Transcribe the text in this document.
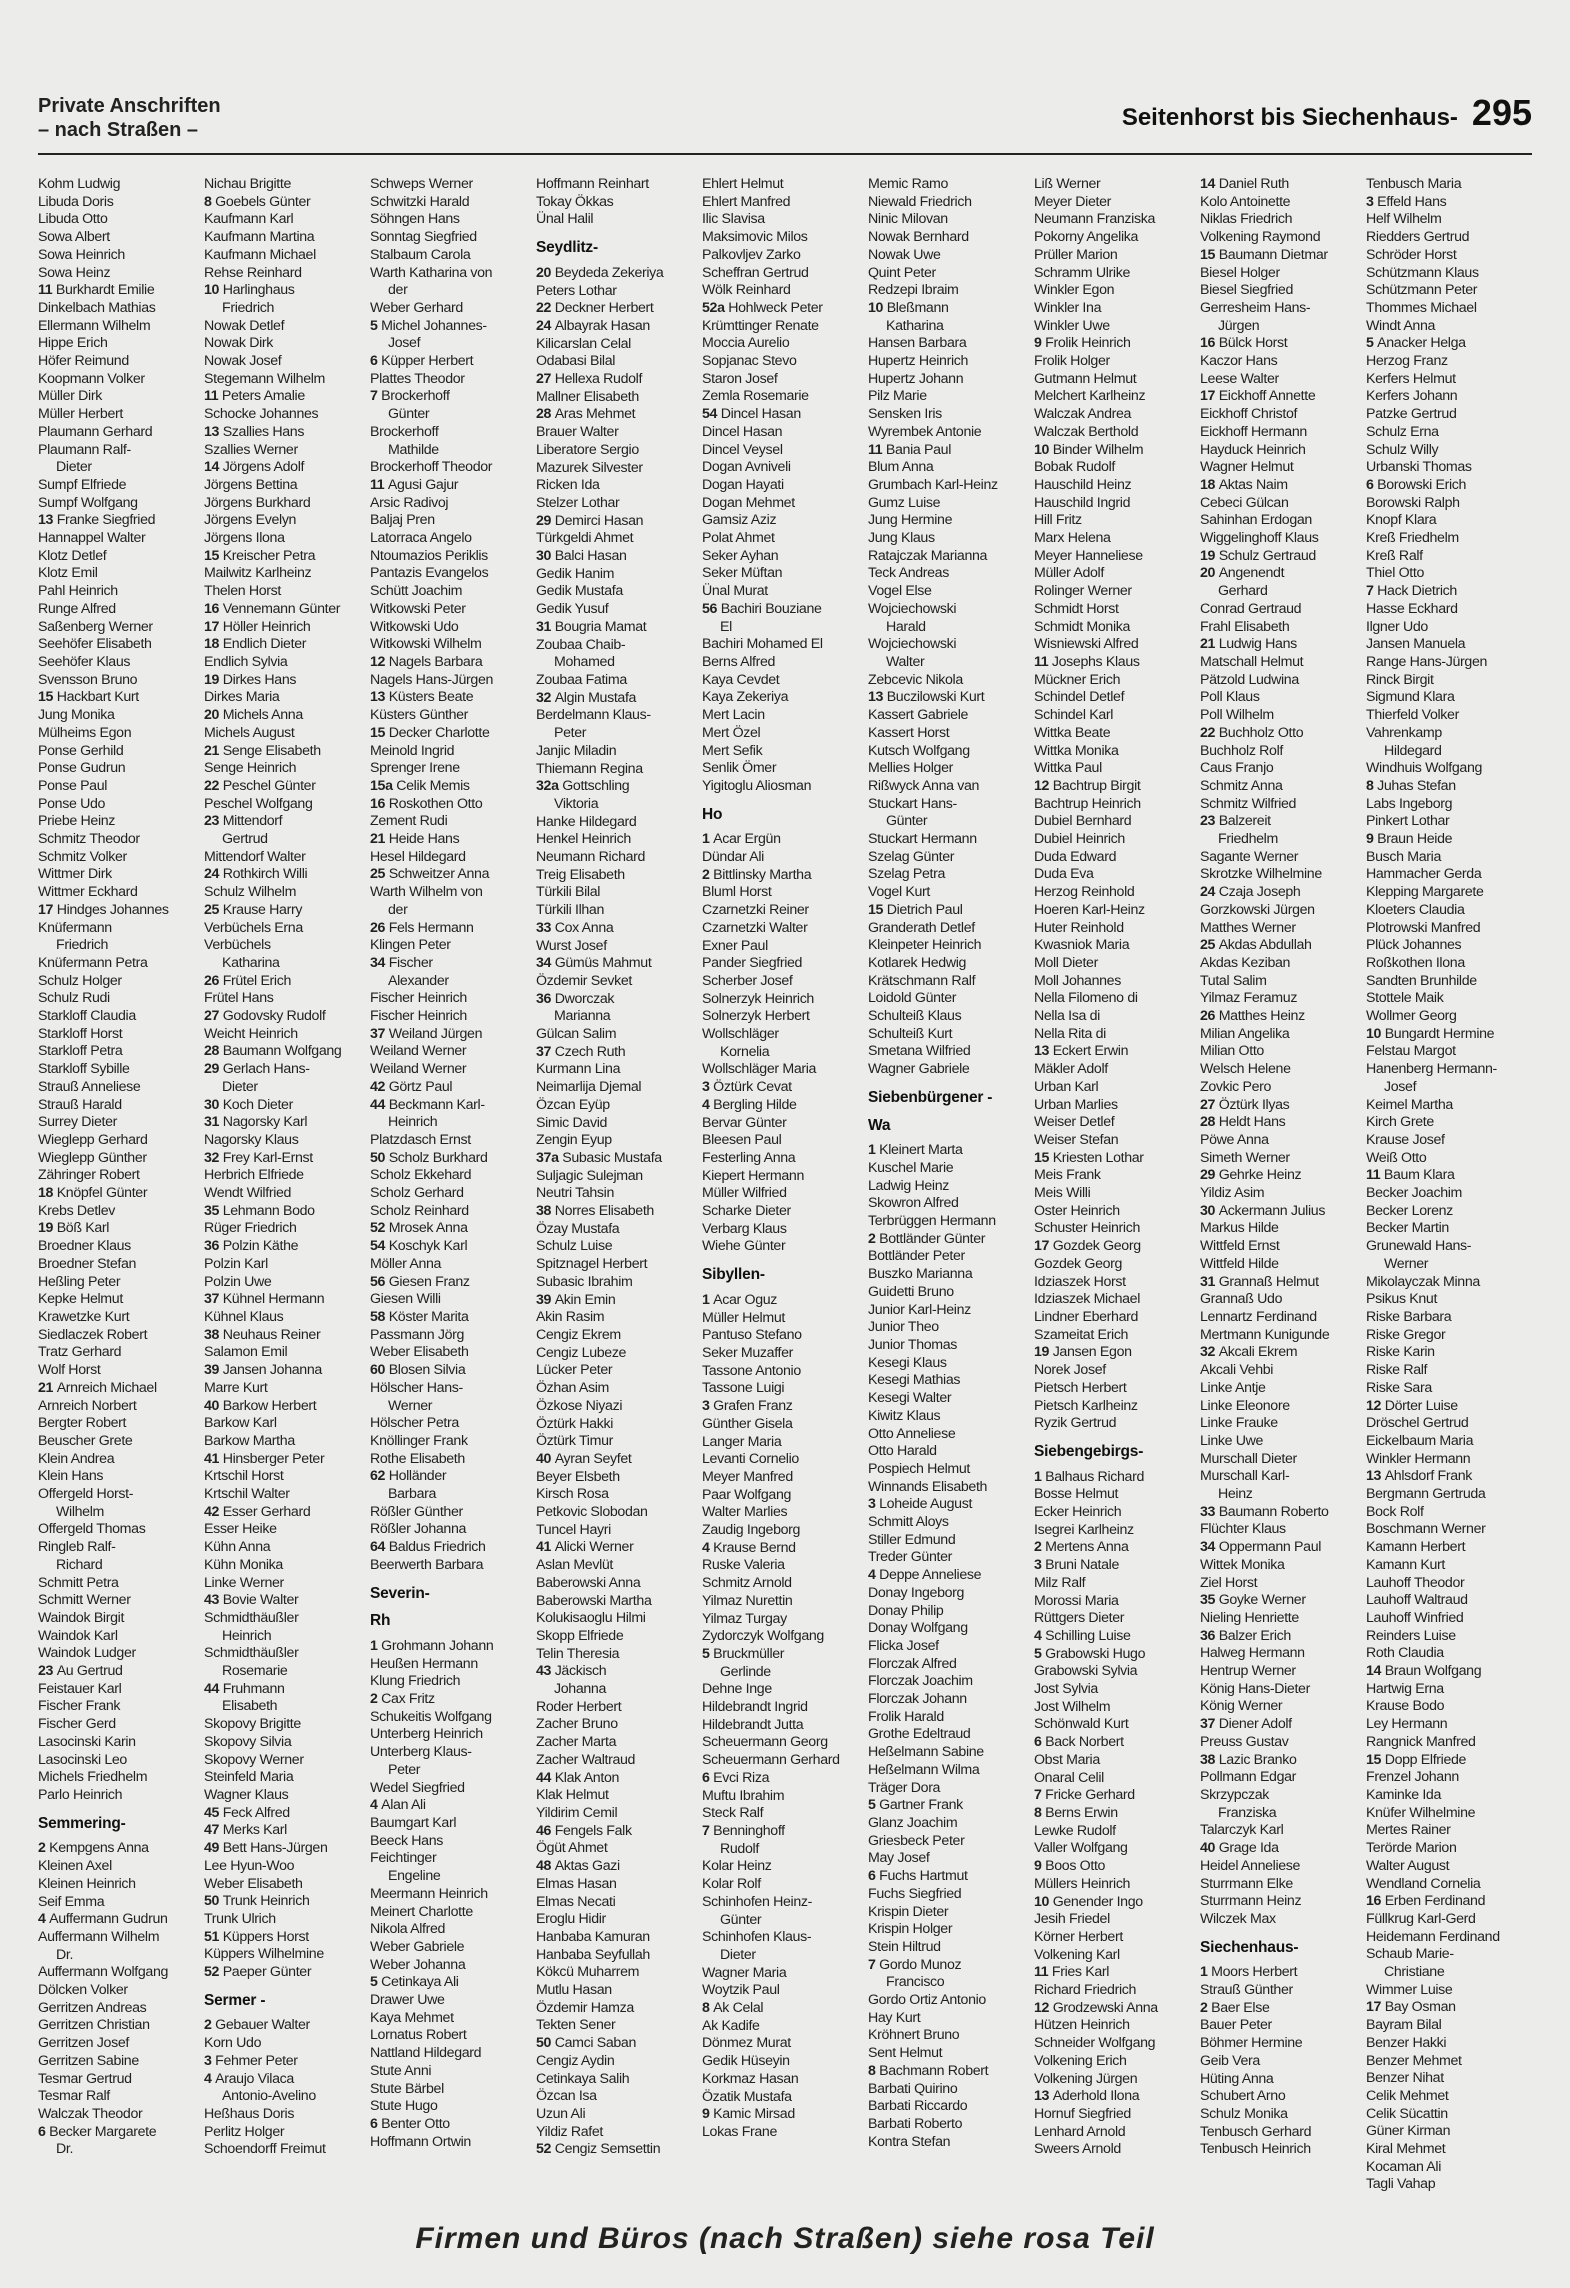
Private Anschriften
– nach Straßen –	Seitenhorst bis Siechenhaus- 295
Kohm Ludwig
Libuda Doris
Libuda Otto
Sowa Albert
Sowa Heinrich
Sowa Heinz
11 Burkhardt Emilie
Dinkelbach Mathias
Ellermann Wilhelm
Hippe Erich
Höfer Reimund
Koopmann Volker
Müller Dirk
Müller Herbert
Plaumann Gerhard
Plaumann Ralf-
Dieter
Sumpf Elfriede
Sumpf Wolfgang
13 Franke Siegfried
Hannappel Walter
Klotz Detlef
Klotz Emil
Pahl Heinrich
Runge Alfred
Saßenberg Werner
Seehöfer Elisabeth
Seehöfer Klaus
Svensson Bruno
15 Hackbart Kurt
Jung Monika
Mülheims Egon
Ponse Gerhild
Ponse Gudrun
Ponse Paul
Ponse Udo
Priebe Heinz
Schmitz Theodor
Schmitz Volker
Wittmer Dirk
Wittmer Eckhard
17 Hindges Johannes
Knüfermann
Friedrich
Knüfermann Petra
Schulz Holger
Schulz Rudi
Starkloff Claudia
Starkloff Horst
Starkloff Petra
Starkloff Sybille
Strauß Anneliese
Strauß Harald
Surrey Dieter
Wieglepp Gerhard
Wieglepp Günther
Zähringer Robert
18 Knöpfel Günter
Krebs Detlev
19 Böß Karl
Broedner Klaus
Broedner Stefan
Heßling Peter
Kepke Helmut
Krawetzke Kurt
Siedlaczek Robert
Tratz Gerhard
Wolf Horst
21 Arnreich Michael
Arnreich Norbert
Bergter Robert
Beuscher Grete
Klein Andrea
Klein Hans
Offergeld Horst-
Wilhelm
Offergeld Thomas
Ringleb Ralf-
Richard
Schmitt Petra
Schmitt Werner
Waindok Birgit
Waindok Karl
Waindok Ludger
23 Au Gertrud
Feistauer Karl
Fischer Frank
Fischer Gerd
Lasocinski Karin
Lasocinski Leo
Michels Friedhelm
Parlo Heinrich
Semmering-
2 Kempgens Anna
Kleinen Axel
Kleinen Heinrich
Seif Emma
4 Auffermann Gudrun
Auffermann Wilhelm
Dr.
Auffermann Wolfgang
Dölcken Volker
Gerritzen Andreas
Gerritzen Christian
Gerritzen Josef
Gerritzen Sabine
Tesmar Gertrud
Tesmar Ralf
Walczak Theodor
6 Becker Margarete
Dr.
Nichau Brigitte
8 Goebels Günter
Kaufmann Karl
Kaufmann Martina
Kaufmann Michael
Rehse Reinhard
10 Harlinghaus
Friedrich
Nowak Detlef
Nowak Dirk
Nowak Josef
Stegemann Wilhelm
11 Peters Amalie
Schocke Johannes
13 Szallies Hans
Szallies Werner
14 Jörgens Adolf
Jörgens Bettina
Jörgens Burkhard
Jörgens Evelyn
Jörgens Ilona
15 Kreischer Petra
Mailwitz Karlheinz
Thelen Horst
16 Vennemann Günter
17 Höller Heinrich
18 Endlich Dieter
Endlich Sylvia
19 Dirkes Hans
Dirkes Maria
20 Michels Anna
Michels August
21 Senge Elisabeth
Senge Heinrich
22 Peschel Günter
Peschel Wolfgang
23 Mittendorf
Gertrud
Mittendorf Walter
24 Rothkirch Willi
Schulz Wilhelm
25 Krause Harry
Verbüchels Erna
Verbüchels
Katharina
26 Frütel Erich
Frütel Hans
27 Godovsky Rudolf
Weicht Heinrich
28 Baumann Wolfgang
29 Gerlach Hans-
Dieter
30 Koch Dieter
31 Nagorsky Karl
Nagorsky Klaus
32 Frey Karl-Ernst
Herbrich Elfriede
Wendt Wilfried
35 Lehmann Bodo
Rüger Friedrich
36 Polzin Käthe
Polzin Karl
Polzin Uwe
37 Kühnel Hermann
Kühnel Klaus
38 Neuhaus Reiner
Salamon Emil
39 Jansen Johanna
Marre Kurt
40 Barkow Herbert
Barkow Karl
Barkow Martha
41 Hinsberger Peter
Krtschil Horst
Krtschil Walter
42 Esser Gerhard
Esser Heike
Kühn Anna
Kühn Monika
Linke Werner
43 Bovie Walter
Schmidthäußler
Heinrich
Schmidthäußler
Rosemarie
44 Fruhmann
Elisabeth
Skopovy Brigitte
Skopovy Silvia
Skopovy Werner
Steinfeld Maria
Wagner Klaus
45 Feck Alfred
47 Merks Karl
49 Bett Hans-Jürgen
Lee Hyun-Woo
Weber Elisabeth
50 Trunk Heinrich
Trunk Ulrich
51 Küppers Horst
Küppers Wilhelmine
52 Paeper Günter
Sermer -
2 Gebauer Walter
Korn Udo
3 Fehmer Peter
4 Araujo Vilaca
Antonio-Avelino
Heßhaus Doris
Perlitz Holger
Schoendorff Freimut
Schweps Werner
Schwitzki Harald
Söhngen Hans
Sonntag Siegfried
Stalbaum Carola
Warth Katharina von
der
Weber Gerhard
5 Michel Johannes-
Josef
6 Küpper Herbert
Plattes Theodor
7 Brockerhoff
Günter
Brockerhoff
Mathilde
Brockerhoff Theodor
11 Agusi Gajur
Arsic Radivoj
Baljaj Pren
Latorraca Angelo
Ntoumazios Periklis
Pantazis Evangelos
Schütt Joachim
Witkowski Peter
Witkowski Udo
Witkowski Wilhelm
12 Nagels Barbara
Nagels Hans-Jürgen
13 Küsters Beate
Küsters Günther
15 Decker Charlotte
Meinold Ingrid
Sprenger Irene
15a Celik Memis
16 Roskothen Otto
Zement Rudi
21 Heide Hans
Hesel Hildegard
25 Schweitzer Anna
Warth Wilhelm von
der
26 Fels Hermann
Klingen Peter
34 Fischer
Alexander
Fischer Heinrich
Fischer Heinrich
37 Weiland Jürgen
Weiland Werner
Weiland Werner
42 Görtz Paul
44 Beckmann Karl-
Heinrich
Platzdasch Ernst
50 Scholz Burkhard
Scholz Ekkehard
Scholz Gerhard
Scholz Reinhard
52 Mrosek Anna
54 Koschyk Karl
Möller Anna
56 Giesen Franz
Giesen Willi
58 Köster Marita
Passmann Jörg
Weber Elisabeth
60 Blosen Silvia
Hölscher Hans-
Werner
Hölscher Petra
Knöllinger Frank
Rothe Elisabeth
62 Holländer
Barbara
Rößler Günther
Rößler Johanna
64 Baldus Friedrich
Beerwerth Barbara
Severin-
Rh
1 Grohmann Johann
Heußen Hermann
Klung Friedrich
2 Cax Fritz
Schukeitis Wolfgang
Unterberg Heinrich
Unterberg Klaus-
Peter
Wedel Siegfried
4 Alan Ali
Baumgart Karl
Beeck Hans
Feichtinger
Engeline
Meermann Heinrich
Meinert Charlotte
Nikola Alfred
Weber Gabriele
Weber Johanna
5 Cetinkaya Ali
Drawer Uwe
Kaya Mehmet
Lornatus Robert
Nattland Hildegard
Stute Anni
Stute Bärbel
Stute Hugo
6 Benter Otto
Hoffmann Ortwin
Hoffmann Reinhart
Tokay Ökkas
Ünal Halil
Seydlitz-
20 Beydeda Zekeriya
Peters Lothar
22 Deckner Herbert
24 Albayrak Hasan
Kilicarslan Celal
Odabasi Bilal
27 Hellexa Rudolf
Mallner Elisabeth
28 Aras Mehmet
Brauer Walter
Liberatore Sergio
Mazurek Silvester
Ricken Ida
Stelzer Lothar
29 Demirci Hasan
Türkgeldi Ahmet
30 Balci Hasan
Gedik Hanim
Gedik Mustafa
Gedik Yusuf
31 Bougria Mamat
Zoubaa Chaib-
Mohamed
Zoubaa Fatima
32 Algin Mustafa
Berdelmann Klaus-
Peter
Janjic Miladin
Thiemann Regina
32a Gottschling
Viktoria
Hanke Hildegard
Henkel Heinrich
Neumann Richard
Treig Elisabeth
Türkili Bilal
Türkili Ilhan
33 Cox Anna
Wurst Josef
34 Gümüs Mahmut
Özdemir Sevket
36 Dworczak
Marianna
Gülcan Salim
37 Czech Ruth
Kurmann Lina
Neimarlija Djemal
Özcan Eyüp
Simic David
Zengin Eyup
37a Subasic Mustafa
Suljagic Sulejman
Neutri Tahsin
38 Norres Elisabeth
Özay Mustafa
Schulz Luise
Spitznagel Herbert
Subasic Ibrahim
39 Akin Emin
Akin Rasim
Cengiz Ekrem
Cengiz Lubeze
Lücker Peter
Özhan Asim
Özkose Niyazi
Öztürk Hakki
Öztürk Timur
40 Ayran Seyfet
Beyer Elsbeth
Kirsch Rosa
Petkovic Slobodan
Tuncel Hayri
41 Alicki Werner
Aslan Mevlüt
Baberowski Anna
Baberowski Martha
Kolukisaoglu Hilmi
Skopp Elfriede
Telin Theresia
43 Jäckisch
Johanna
Roder Herbert
Zacher Bruno
Zacher Marta
Zacher Waltraud
44 Klak Anton
Klak Helmut
Yildirim Cemil
46 Fengels Falk
Ögüt Ahmet
48 Aktas Gazi
Elmas Hasan
Elmas Necati
Eroglu Hidir
Hanbaba Kamuran
Hanbaba Seyfullah
Kökcü Muharrem
Mutlu Hasan
Özdemir Hamza
Tekten Sener
50 Camci Saban
Cengiz Aydin
Cetinkaya Salih
Özcan Isa
Uzun Ali
Yildiz Rafet
52 Cengiz Semsettin
Ehlert Helmut
Ehlert Manfred
Ilic Slavisa
Maksimovic Milos
Palkovljev Zarko
Scheffran Gertrud
Wölk Reinhard
52a Hohlweck Peter
Krümttinger Renate
Moccia Aurelio
Sopjanac Stevo
Staron Josef
Zemla Rosemarie
54 Dincel Hasan
Dincel Hasan
Dincel Veysel
Dogan Avniveli
Dogan Hayati
Dogan Mehmet
Gamsiz Aziz
Polat Ahmet
Seker Ayhan
Seker Müftan
Ünal Murat
56 Bachiri Bouziane
El
Bachiri Mohamed El
Berns Alfred
Kaya Cevdet
Kaya Zekeriya
Mert Lacin
Mert Özel
Mert Sefik
Senlik Ömer
Yigitoglu Aliosman
Ho
1 Acar Ergün
Dündar Ali
2 Bittlinsky Martha
Bluml Horst
Czarnetzki Reiner
Czarnetzki Walter
Exner Paul
Pander Siegfried
Scherber Josef
Solnerzyk Heinrich
Solnerzyk Herbert
Wollschläger
Kornelia
Wollschläger Maria
3 Öztürk Cevat
4 Bergling Hilde
Bervar Günter
Bleesen Paul
Festerling Anna
Kiepert Hermann
Müller Wilfried
Scharke Dieter
Verbarg Klaus
Wiehe Günter
Sibyllen-
1 Acar Oguz
Müller Helmut
Pantuso Stefano
Seker Muzaffer
Tassone Antonio
Tassone Luigi
3 Grafen Franz
Günther Gisela
Langer Maria
Levanti Cornelio
Meyer Manfred
Paar Wolfgang
Walter Marlies
Zaudig Ingeborg
4 Krause Bernd
Ruske Valeria
Schmitz Arnold
Yilmaz Nurettin
Yilmaz Turgay
Zydorczyk Wolfgang
5 Bruckmüller
Gerlinde
Dehne Inge
Hildebrandt Ingrid
Hildebrandt Jutta
Scheuermann Georg
Scheuermann Gerhard
6 Evci Riza
Muftu Ibrahim
Steck Ralf
7 Benninghoff
Rudolf
Kolar Heinz
Kolar Rolf
Schinhofen Heinz-
Günter
Schinhofen Klaus-
Dieter
Wagner Maria
Woytzik Paul
8 Ak Celal
Ak Kadife
Dönmez Murat
Gedik Hüseyin
Korkmaz Hasan
Özatik Mustafa
9 Kamic Mirsad
Lokas Frane
Memic Ramo
Niewald Friedrich
Ninic Milovan
Nowak Bernhard
Nowak Uwe
Quint Peter
Redzepi Ibraim
10 Bleßmann
Katharina
Hansen Barbara
Hupertz Heinrich
Hupertz Johann
Pilz Marie
Sensken Iris
Wyrembek Antonie
11 Bania Paul
Blum Anna
Grumbach Karl-Heinz
Gumz Luise
Jung Hermine
Jung Klaus
Ratajczak Marianna
Teck Andreas
Vogel Else
Wojciechowski
Harald
Wojciechowski
Walter
Zebcevic Nikola
13 Buczilowski Kurt
Kassert Gabriele
Kassert Horst
Kutsch Wolfgang
Mellies Holger
Rißwyck Anna van
Stuckart Hans-
Günter
Stuckart Hermann
Szelag Günter
Szelag Petra
Vogel Kurt
15 Dietrich Paul
Granderath Detlef
Kleinpeter Heinrich
Kotlarek Hedwig
Krätschmann Ralf
Loidold Günter
Schulteiß Klaus
Schulteiß Kurt
Smetana Wilfried
Wagner Gabriele
Siebenbürgener -
Wa
1 Kleinert Marta
Kuschel Marie
Ladwig Heinz
Skowron Alfred
Terbrüggen Hermann
2 Bottländer Günter
Bottländer Peter
Buszko Marianna
Guidetti Bruno
Junior Karl-Heinz
Junior Theo
Junior Thomas
Kesegi Klaus
Kesegi Mathias
Kesegi Walter
Kiwitz Klaus
Otto Anneliese
Otto Harald
Pospiech Helmut
Winnands Elisabeth
3 Loheide August
Schmitt Aloys
Stiller Edmund
Treder Günter
4 Deppe Anneliese
Donay Ingeborg
Donay Philip
Donay Wolfgang
Flicka Josef
Florczak Alfred
Florczak Joachim
Florczak Johann
Frolik Harald
Grothe Edeltraud
Heßelmann Sabine
Heßelmann Wilma
Träger Dora
5 Gartner Frank
Glanz Joachim
Griesbeck Peter
May Josef
6 Fuchs Hartmut
Fuchs Siegfried
Krispin Dieter
Krispin Holger
Stein Hiltrud
7 Gordo Munoz
Francisco
Gordo Ortiz Antonio
Hay Kurt
Kröhnert Bruno
Sent Helmut
8 Bachmann Robert
Barbati Quirino
Barbati Riccardo
Barbati Roberto
Kontra Stefan
Liß Werner
Meyer Dieter
Neumann Franziska
Pokorny Angelika
Prüller Marion
Schramm Ulrike
Winkler Egon
Winkler Ina
Winkler Uwe
9 Frolik Heinrich
Frolik Holger
Gutmann Helmut
Melchert Karlheinz
Walczak Andrea
Walczak Berthold
10 Binder Wilhelm
Bobak Rudolf
Hauschild Heinz
Hauschild Ingrid
Hill Fritz
Marx Helena
Meyer Hanneliese
Müller Adolf
Rolinger Werner
Schmidt Horst
Schmidt Monika
Wisniewski Alfred
11 Josephs Klaus
Mückner Erich
Schindel Detlef
Schindel Karl
Wittka Beate
Wittka Monika
Wittka Paul
12 Bachtrup Birgit
Bachtrup Heinrich
Dubiel Bernhard
Dubiel Heinrich
Duda Edward
Duda Eva
Herzog Reinhold
Hoeren Karl-Heinz
Huter Reinhold
Kwasniok Maria
Moll Dieter
Moll Johannes
Nella Filomeno di
Nella Isa di
Nella Rita di
13 Eckert Erwin
Mäkler Adolf
Urban Karl
Urban Marlies
Weiser Detlef
Weiser Stefan
15 Kriesten Lothar
Meis Frank
Meis Willi
Oster Heinrich
Schuster Heinrich
17 Gozdek Georg
Gozdek Georg
Idziaszek Horst
Idziaszek Michael
Lindner Eberhard
Szameitat Erich
19 Jansen Egon
Norek Josef
Pietsch Herbert
Pietsch Karlheinz
Ryzik Gertrud
Siebengebirgs-
1 Balhaus Richard
Bosse Helmut
Ecker Heinrich
Isegrei Karlheinz
2 Mertens Anna
3 Bruni Natale
Milz Ralf
Morossi Maria
Rüttgers Dieter
4 Schilling Luise
5 Grabowski Hugo
Grabowski Sylvia
Jost Sylvia
Jost Wilhelm
Schönwald Kurt
6 Back Norbert
Obst Maria
Onaral Celil
7 Fricke Gerhard
8 Berns Erwin
Lewke Rudolf
Valler Wolfgang
9 Boos Otto
Müllers Heinrich
10 Genender Ingo
Jesih Friedel
Körner Herbert
Volkening Karl
11 Fries Karl
Richard Friedrich
12 Grodzewski Anna
Hützen Heinrich
Schneider Wolfgang
Volkening Erich
Volkening Jürgen
13 Aderhold Ilona
Hornuf Siegfried
Lenhard Arnold
Sweers Arnold
14 Daniel Ruth
Kolo Antoinette
Niklas Friedrich
Volkening Raymond
15 Baumann Dietmar
Biesel Holger
Biesel Siegfried
Gerresheim Hans-
Jürgen
16 Bülck Horst
Kaczor Hans
Leese Walter
17 Eickhoff Annette
Eickhoff Christof
Eickhoff Hermann
Hayduck Heinrich
Wagner Helmut
18 Aktas Naim
Cebeci Gülcan
Sahinhan Erdogan
Wiggelinghoff Klaus
19 Schulz Gertraud
20 Angenendt
Gerhard
Conrad Gertraud
Frahl Elisabeth
21 Ludwig Hans
Matschall Helmut
Pätzold Ludwina
Poll Klaus
Poll Wilhelm
22 Buchholz Otto
Buchholz Rolf
Caus Franjo
Schmitz Anna
Schmitz Wilfried
23 Balzereit
Friedhelm
Sagante Werner
Skrotzke Wilhelmine
24 Czaja Joseph
Gorzkowski Jürgen
Matthes Werner
25 Akdas Abdullah
Akdas Keziban
Tutal Salim
Yilmaz Feramuz
26 Matthes Heinz
Milian Angelika
Milian Otto
Welsch Helene
Zovkic Pero
27 Öztürk Ilyas
28 Heldt Hans
Pöwe Anna
Simeth Werner
29 Gehrke Heinz
Yildiz Asim
30 Ackermann Julius
Markus Hilde
Wittfeld Ernst
Wittfeld Hilde
31 Grannaß Helmut
Grannaß Udo
Lennartz Ferdinand
Mertmann Kunigunde
32 Akcali Ekrem
Akcali Vehbi
Linke Antje
Linke Eleonore
Linke Frauke
Linke Uwe
Murschall Dieter
Murschall Karl-
Heinz
33 Baumann Roberto
Flüchter Klaus
34 Oppermann Paul
Wittek Monika
Ziel Horst
35 Goyke Werner
Nieling Henriette
36 Balzer Erich
Halweg Hermann
Hentrup Werner
König Hans-Dieter
König Werner
37 Diener Adolf
Preuss Gustav
38 Lazic Branko
Pollmann Edgar
Skrzypczak
Franziska
Talarczyk Karl
40 Grage Ida
Heidel Anneliese
Sturrmann Elke
Sturrmann Heinz
Wilczek Max
Siechenhaus-
1 Moors Herbert
Strauß Günther
2 Baer Else
Bauer Peter
Böhmer Hermine
Geib Vera
Hüting Anna
Schubert Arno
Schulz Monika
Tenbusch Gerhard
Tenbusch Heinrich
Tenbusch Maria
3 Effeld Hans
Helf Wilhelm
Riedders Gertrud
Schröder Horst
Schützmann Klaus
Schützmann Peter
Thommes Michael
Windt Anna
5 Anacker Helga
Herzog Franz
Kerfers Helmut
Kerfers Johann
Patzke Gertrud
Schulz Erna
Schulz Willy
Urbanski Thomas
6 Borowski Erich
Borowski Ralph
Knopf Klara
Kreß Friedhelm
Kreß Ralf
Thiel Otto
7 Hack Dietrich
Hasse Eckhard
Ilgner Udo
Jansen Manuela
Range Hans-Jürgen
Rinck Birgit
Sigmund Klara
Thierfeld Volker
Vahrenkamp
Hildegard
Windhuis Wolfgang
8 Juhas Stefan
Labs Ingeborg
Pinkert Lothar
9 Braun Heide
Busch Maria
Hammacher Gerda
Klepping Margarete
Kloeters Claudia
Plotrowski Manfred
Plück Johannes
Roßkothen Ilona
Sandten Brunhilde
Stottele Maik
Wollmer Georg
10 Bungardt Hermine
Felstau Margot
Hanenberg Hermann-
Josef
Keimel Martha
Kirch Grete
Krause Josef
Weiß Otto
11 Baum Klara
Becker Joachim
Becker Lorenz
Becker Martin
Grunewald Hans-
Werner
Mikolayczak Minna
Psikus Knut
Riske Barbara
Riske Gregor
Riske Karin
Riske Ralf
Riske Sara
12 Dörter Luise
Dröschel Gertrud
Eickelbaum Maria
Winkler Hermann
13 Ahlsdorf Frank
Bergmann Gertruda
Bock Rolf
Boschmann Werner
Kamann Herbert
Kamann Kurt
Lauhoff Theodor
Lauhoff Waltraud
Lauhoff Winfried
Reinders Luise
Roth Claudia
14 Braun Wolfgang
Hartwig Erna
Krause Bodo
Ley Hermann
Rangnick Manfred
15 Dopp Elfriede
Frenzel Johann
Kaminke Ida
Knüfer Wilhelmine
Mertes Rainer
Terörde Marion
Walter August
Wendland Cornelia
16 Erben Ferdinand
Füllkrug Karl-Gerd
Heidemann Ferdinand
Schaub Marie-
Christiane
Wimmer Luise
17 Bay Osman
Bayram Bilal
Benzer Hakki
Benzer Mehmet
Benzer Nihat
Celik Mehmet
Celik Sücattin
Güner Kirman
Kiral Mehmet
Kocaman Ali
Tagli Vahap
Firmen und Büros (nach Straßen) siehe rosa Teil
